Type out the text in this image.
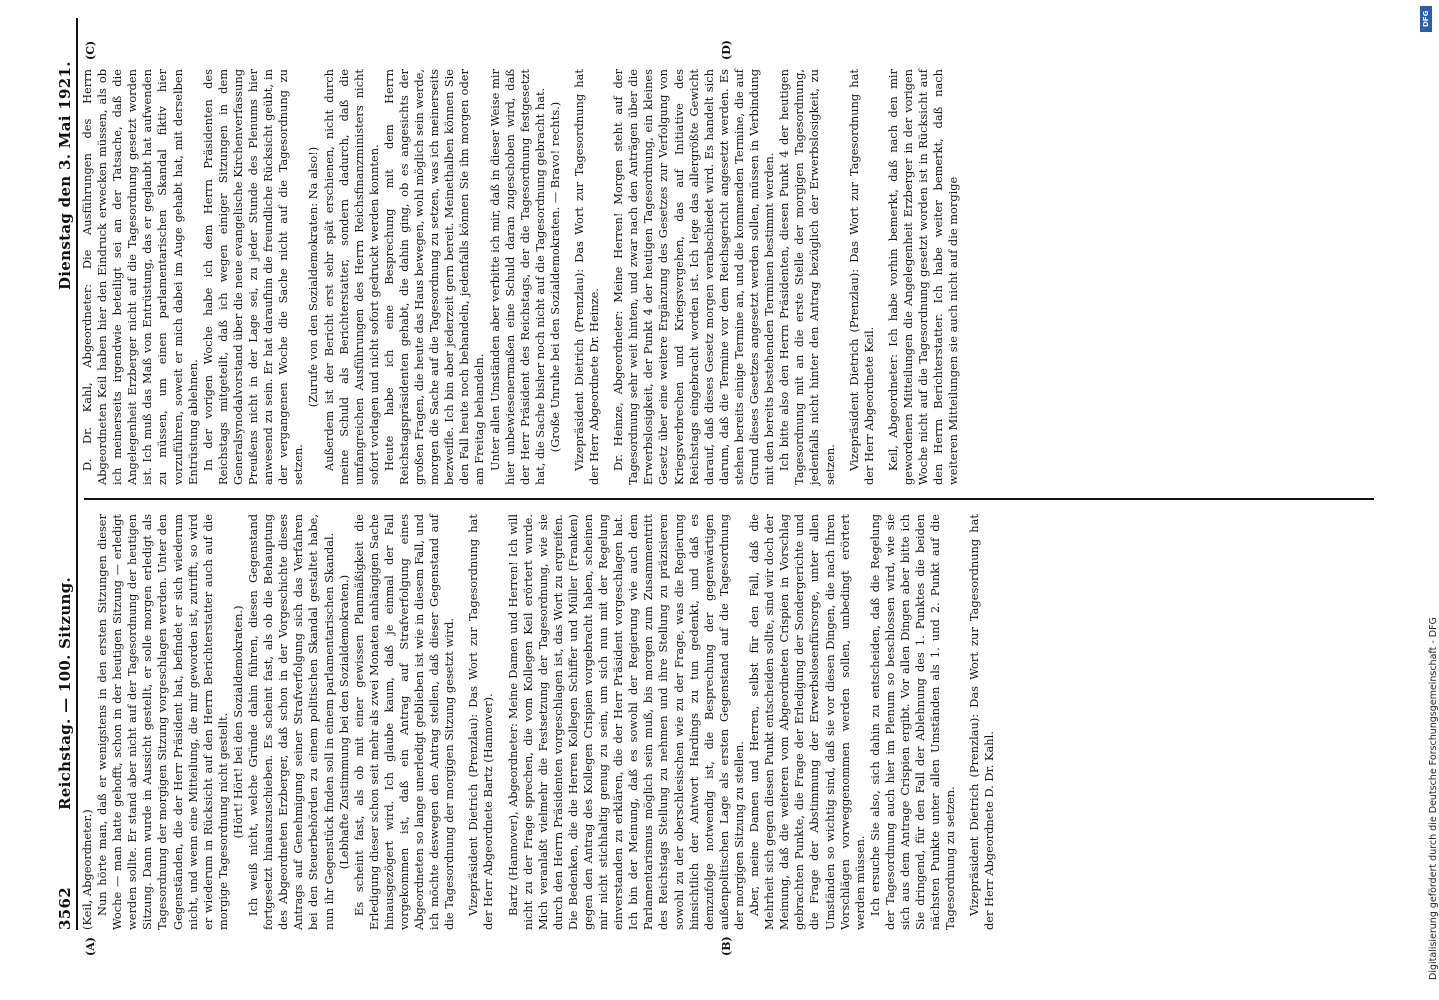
3562
Reichstag. — 100. Sitzung.
Dienstag den 3. Mai 1921.
(A)	(B)
(C)	(D)

(Keil, Abgeordneter.) Nun hörte man, daß er wenigstens in den ersten Sitzungen dieser Woche — man hatte gehofft, schon in der heutigen Sitzung — erledigt werden sollte. Er stand aber nicht auf der Tagesordnung der heutigen Sitzung. Dann wurde in Aussicht gestellt, er solle morgen erledigt als Tagesordnung der morgigen Sitzung vorgeschlagen werden. Unter den Gegenständen, die der Herr Präsident hat, befindet er sich wiederum nicht, und wenn eine Mitteilung, die mir geworden ist, zutrifft, so wird er wiederum in Rücksicht auf den Herrn Berichterstatter auch auf die morgige Tagesordnung nicht gestellt. (Hört! Hört! bei den Sozialdemokraten.) Ich weiß nicht, welche Gründe dahin führen, diesen Gegenstand fortgesetzt hinauszuschieben. Es scheint fast, als ob die Behauptung des Abgeordneten Erzberger, daß schon in der Vorgeschichte dieses Antrags auf Genehmigung seiner Strafverfolgung sich das Verfahren bei den Steuerbehörden zu einem politischen Skandal gestaltet habe, nun ihr Gegenstück finden soll in einem parlamentarischen Skandal. (Lebhafte Zustimmung bei den Sozialdemokraten.) Es scheint fast, als ob mit einer gewissen Planmäßigkeit die Erledigung dieser schon seit mehr als zwei Monaten anhängigen Sache hinausgezögert wird. Ich glaube kaum, daß je einmal der Fall vorgekommen ist, daß ein Antrag auf Strafverfolgung eines Abgeordneten so lange unerledigt geblieben ist wie in diesem Fall, und ich möchte deswegen den Antrag stellen, daß dieser Gegenstand auf die Tagesordnung der morgigen Sitzung gesetzt wird. Vizepräsident Dietrich (Prenzlau): Das Wort zur Tagesordnung hat der Herr Abgeordnete Bartz (Hannover). Bartz (Hannover), Abgeordneter: Meine Damen und Herren! Ich will nicht zu der Frage sprechen, die vom Kollegen Keil erörtert wurde. Mich veranlaßt vielmehr die Festsetzung der Tagesordnung, wie sie durch den Herrn Präsidenten vorgeschlagen ist, das Wort zu ergreifen. Die Bedenken, die die Herren Kollegen Schiffer und Müller (Franken) gegen den Antrag des Kollegen Crispien vorgebracht haben, scheinen mir nicht stichhaltig genug zu sein, um sich nun mit der Regelung einverstanden zu erklären, die der Herr Präsident vorgeschlagen hat. Ich bin der Meinung, daß es sowohl der Regierung wie auch dem Parlamentarismus möglich sein muß, bis morgen zum Zusammentritt des Reichstags Stellung zu nehmen und ihre Stellung zu präzisieren sowohl zu der oberschlesischen wie zu der Frage, was die Regierung hinsichtlich der Antwort Hardings zu tun gedenkt, und daß es demzufolge notwendig ist, die Besprechung der gegenwärtigen außenpolitischen Lage als ersten Gegenstand auf die Tagesordnung der morgigen Sitzung zu stellen. Aber, meine Damen und Herren, selbst für den Fall, daß die Mehrheit sich gegen diesen Punkt entscheiden sollte, sind wir doch der Meinung, daß die weiteren vom Abgeordneten Crispien in Vorschlag gebrachten Punkte, die Frage der Erledigung der Sondergerichte und die Frage der Abstimmung der Erwerbslosenfürsorge, unter allen Umständen so wichtig sind, daß sie vor diesen Dingen, die nach Ihren Vorschlägen vorweggenommen werden sollen, unbedingt erörtert werden müssen. Ich ersuche Sie also, sich dahin zu entscheiden, daß die Regelung der Tagesordnung auch hier im Plenum so beschlossen wird, wie sie sich aus dem Antrage Crispien ergibt. Vor allen Dingen aber bitte ich Sie dringend, für den Fall der Ablehnung des 1. Punktes die beiden nächsten Punkte unter allen Umständen als 1. und 2. Punkt auf die Tagesordnung zu setzen. Vizepräsident Dietrich (Prenzlau): Das Wort zur Tagesordnung hat der Herr Abgeordnete D. Dr. Kahl.

D. Dr. Kahl, Abgeordneter: Die Ausführungen des Herrn Abgeordneten Keil haben hier den Eindruck erwecken müssen, als ob ich meinerseits irgendwie beteiligt sei an der Tatsache, daß die Angelegenheit Erzberger nicht auf die Tagesordnung gesetzt worden ist. Ich muß das Maß von Entrüstung, das er geglaubt hat aufwenden zu müssen, um einen parlamentarischen Skandal fiktiv hier vorzuführen, soweit er mich dabei im Auge gehabt hat, mit derselben Entrüstung ablehnen. In der vorigen Woche habe ich dem Herrn Präsidenten des Reichstags mitgeteilt, daß ich wegen einiger Sitzungen in dem Generalsynodalvorstand über die neue evangelische Kirchenverfassung Preußens nicht in der Lage sei, zu jeder Stunde des Plenums hier anwesend zu sein. Er hat daraufhin die freundliche Rücksicht geübt, in der vergangenen Woche die Sache nicht auf die Tagesordnung zu setzen.

(Zurufe von den Sozialdemokraten: Na also!) Außerdem ist der Bericht erst sehr spät erschienen, nicht durch meine Schuld als Berichterstatter, sondern dadurch, daß die umfangreichen Ausführungen des Herrn Reichsfinanzministers nicht sofort vorlagen und nicht sofort gedruckt werden konnten. Heute habe ich eine Besprechung mit dem Herrn Reichstagspräsidenten gehabt, die dahin ging, ob es angesichts der großen Fragen, die heute das Haus bewegen, wohl möglich sein werde, morgen die Sache auf die Tagesordnung zu setzen, was ich meinerseits bezweifle. Ich bin aber jederzeit gern bereit. Meinethalben können Sie den Fall heute noch behandeln, jedenfalls können Sie ihn morgen oder am Freitag behandeln. Unter allen Umständen aber verbitte ich mir, daß in dieser Weise mir hier unbewiesenermaßen eine Schuld daran zugeschoben wird, daß der Herr Präsident des Reichstags, der die Tagesordnung festgesetzt hat, die Sache bisher noch nicht auf die Tagesordnung gebracht hat. (Große Unruhe bei den Sozialdemokraten. — Bravo! rechts.) Vizepräsident Dietrich (Prenzlau): Das Wort zur Tagesordnung hat der Herr Abgeordnete Dr. Heinze. Dr. Heinze, Abgeordneter: Meine Herren! Morgen steht auf der Tagesordnung sehr weit hinten, und zwar nach den Anträgen über die Erwerbslosigkeit, der Punkt 4 der heutigen Tagesordnung, ein kleines Gesetz über eine weitere Ergänzung des Gesetzes zur Verfolgung von Kriegsverbrechen und Kriegsvergehen, das auf Initiative des Reichstags eingebracht worden ist. Ich lege das allergrößte Gewicht darauf, daß dieses Gesetz morgen verabschiedet wird. Es handelt sich darum, daß die Termine vor dem Reichsgericht angesetzt werden. Es stehen bereits einige Termine an, und die kommenden Termine, die auf Grund dieses Gesetzes angesetzt werden sollen, müssen in Verbindung mit den bereits bestehenden Terminen bestimmt werden. Ich bitte also den Herrn Präsidenten, diesen Punkt 4 der heutigen Tagesordnung mit an die erste Stelle der morgigen Tagesordnung, jedenfalls nicht hinter den Antrag bezüglich der Erwerbslosigkeit, zu setzen. Vizepräsident Dietrich (Prenzlau): Das Wort zur Tagesordnung hat der Herr Abgeordnete Keil. Keil, Abgeordneter: Ich habe vorhin bemerkt, daß nach den mir gewordenen Mitteilungen die Angelegenheit Erzberger in der vorigen Woche nicht auf die Tagesordnung gesetzt worden ist in Rücksicht auf den Herrn Berichterstatter. Ich habe weiter bemerkt, daß nach weiteren Mitteilungen sie auch nicht auf die morgige

DFG
Digitalisierung gefördert durch die Deutsche Forschungsgemeinschaft - DFG
